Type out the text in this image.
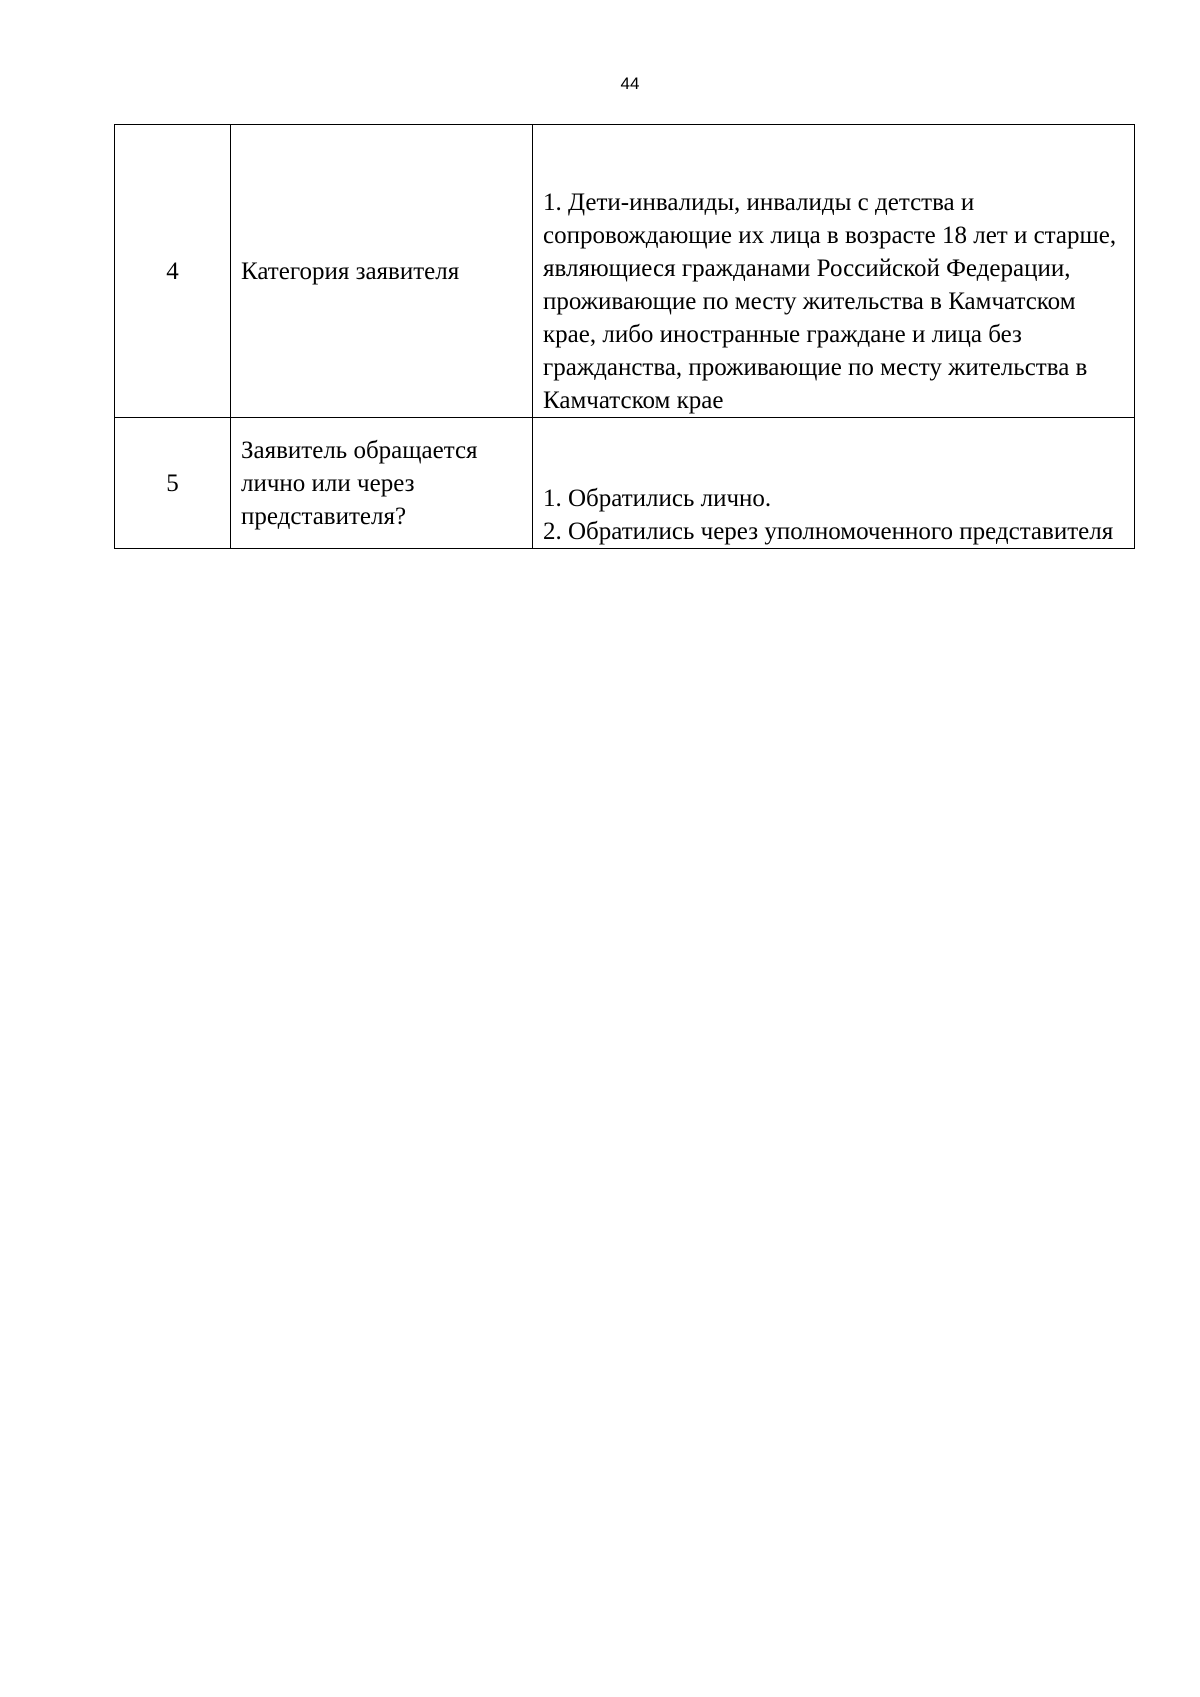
44
4	Категория заявителя	1. Дети-инвалиды, инвалиды с детства и сопровождающие их лица в возрасте 18 лет и старше, являющиеся гражданами Российской Федерации, проживающие по месту жительства в Камчатском крае, либо иностранные граждане и лица без гражданства, проживающие по месту жительства в Камчатском крае

5	Заявитель обращается лично или через представителя?	1. Обратились лично.
2. Обратились через уполномоченного представителя
